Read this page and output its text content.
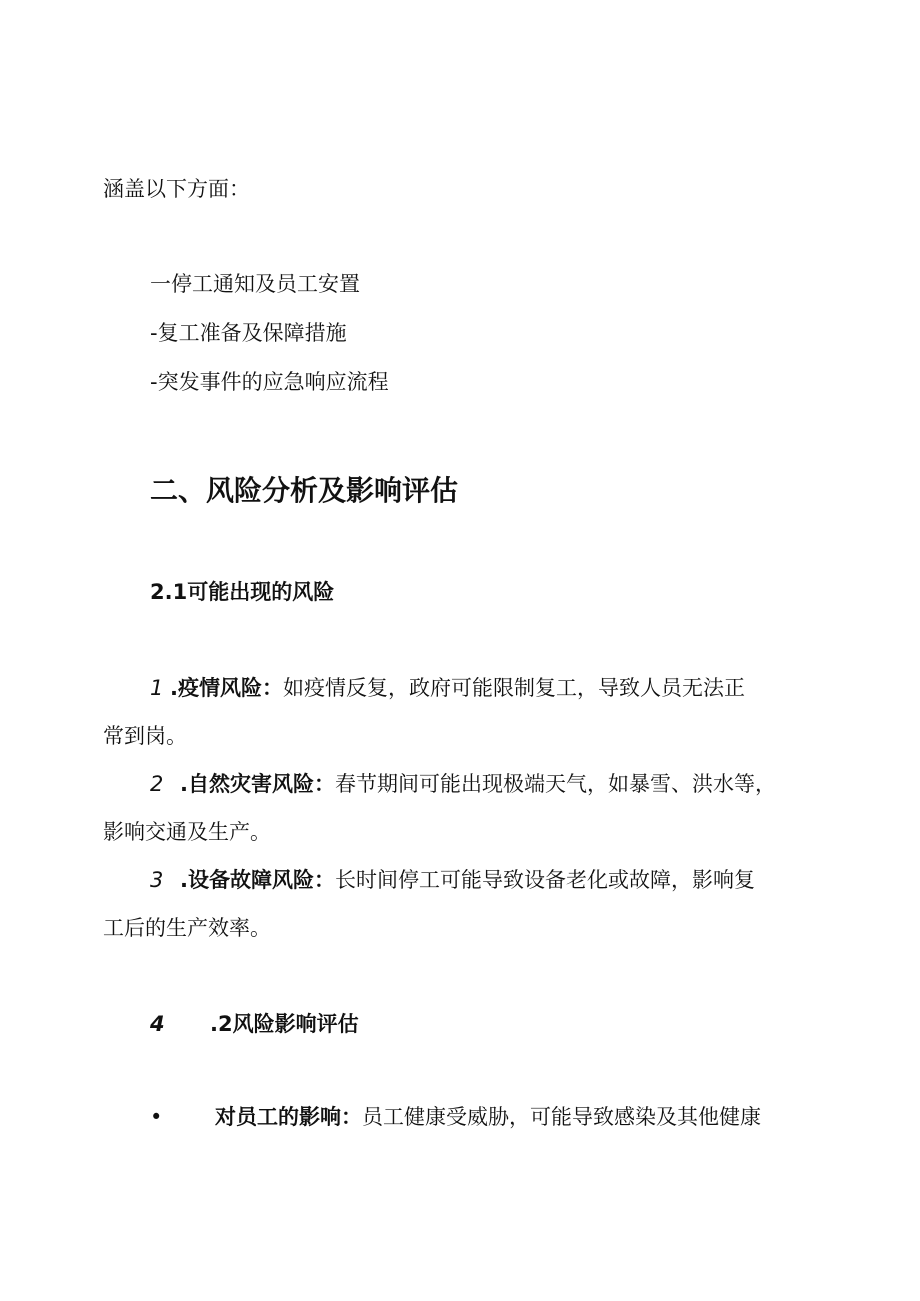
涵盖以下方面：
一停工通知及员工安置
-复工准备及保障措施
-突发事件的应急响应流程
二、风险分析及影响评估
2.1可能出现的风险
1 .疫情风险：如疫情反复，政府可能限制复工，导致人员无法正
常到岗。
2 .自然灾害风险：春节期间可能出现极端天气，如暴雪、洪水等，
影响交通及生产。
3 .设备故障风险：长时间停工可能导致设备老化或故障，影响复
工后的生产效率。
4 .2风险影响评估
•	对员工的影响：员工健康受威胁，可能导致感染及其他健康
